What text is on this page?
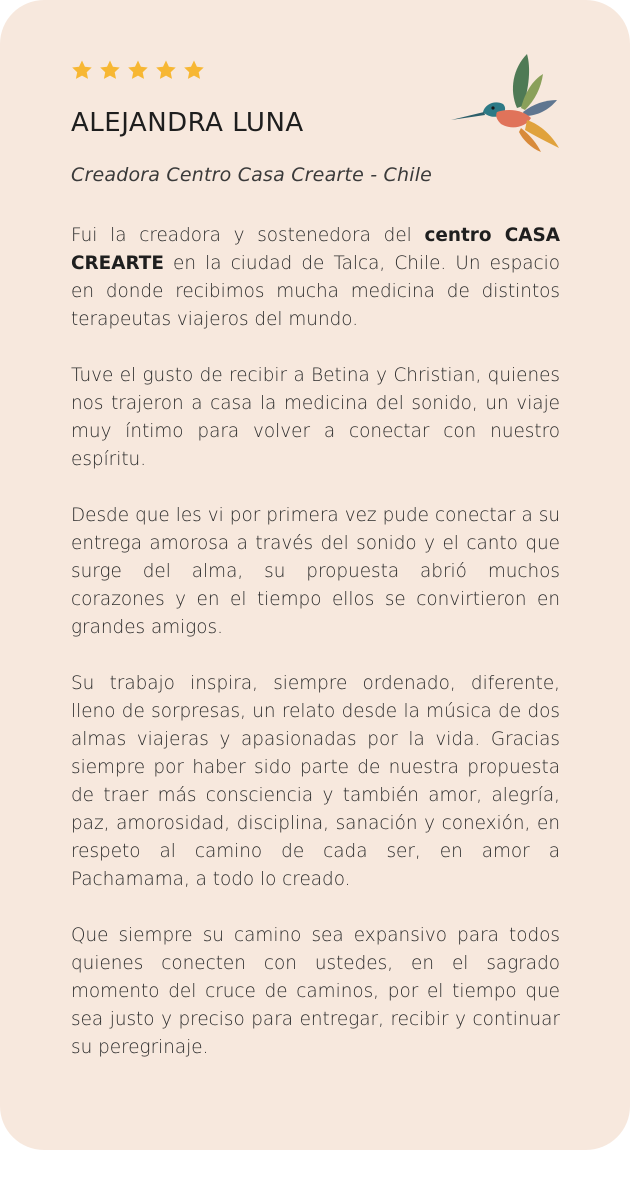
ALEJANDRA LUNA

Creadora Centro Casa Crearte - Chile

Fui la creadora y sostenedora del centro CASA CREARTE en la ciudad de Talca, Chile. Un espacio en donde recibimos mucha medicina de distintos terapeutas viajeros del mundo.

Tuve el gusto de recibir a Betina y Christian, quienes nos trajeron a casa la medicina del sonido, un viaje muy íntimo para volver a conectar con nuestro espíritu.

Desde que les vi por primera vez pude conectar a su entrega amorosa a través del sonido y el canto que surge del alma, su propuesta abrió muchos corazones y en el tiempo ellos se convirtieron en grandes amigos.

Su trabajo inspira, siempre ordenado, diferente, lleno de sorpresas, un relato desde la música de dos almas viajeras y apasionadas por la vida. Gracias siempre por haber sido parte de nuestra propuesta de traer más consciencia y también amor, alegría, paz, amorosidad, disciplina, sanación y conexión, en respeto al camino de cada ser, en amor a Pachamama, a todo lo creado.

Que siempre su camino sea expansivo para todos quienes conecten con ustedes, en el sagrado momento del cruce de caminos, por el tiempo que sea justo y preciso para entregar, recibir y continuar su peregrinaje.
